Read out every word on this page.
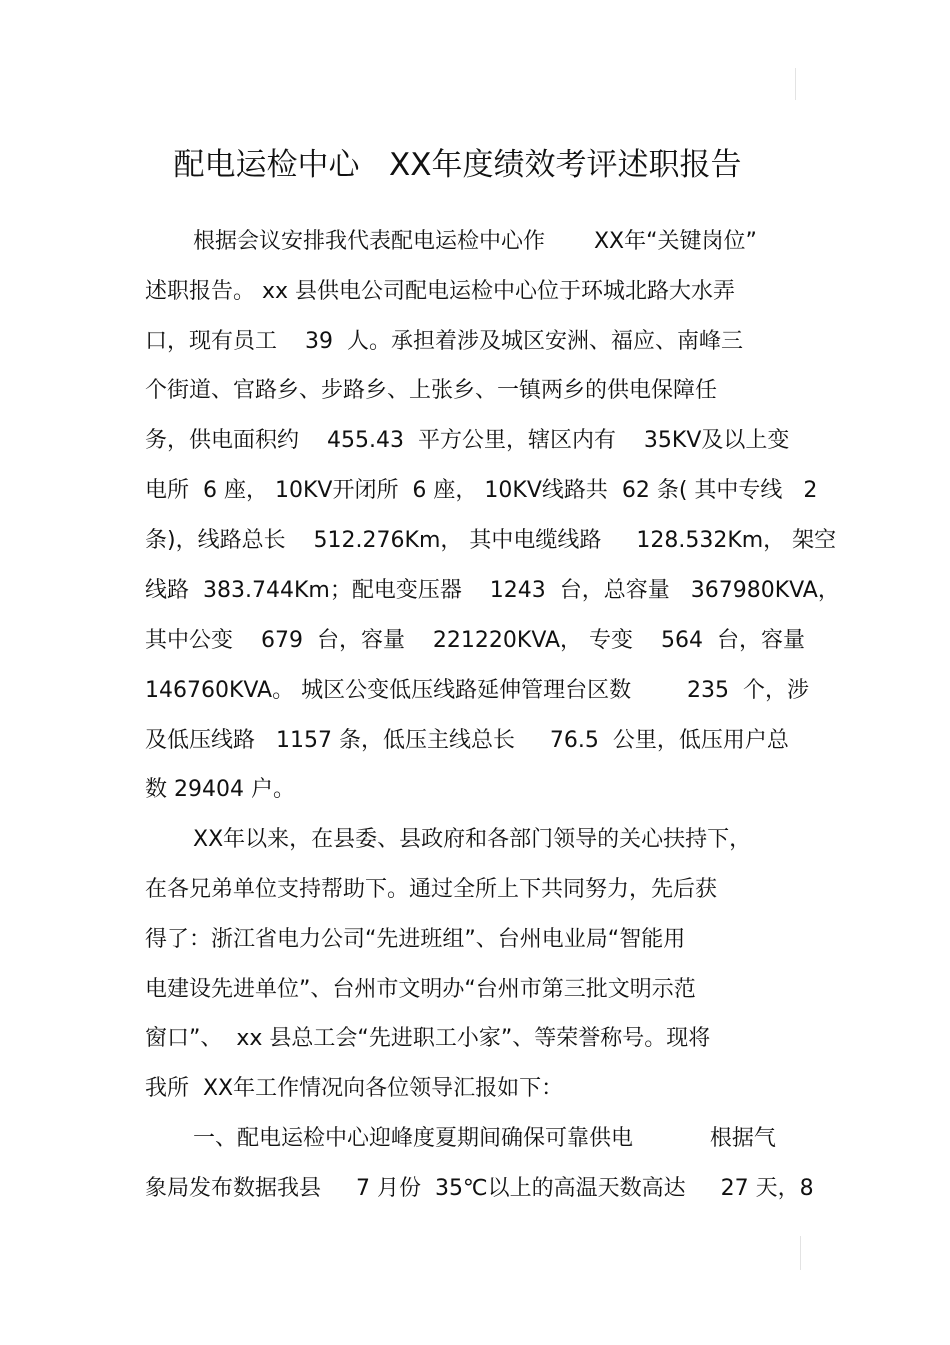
配电运检中心   XX年度绩效考评述职报告
根据会议安排我代表配电运检中心作       XX年“关键岗位”
述职报告。 xx 县供电公司配电运检中心位于环城北路大水弄
口，现有员工    39  人。承担着涉及城区安洲、福应、南峰三
个街道、官路乡、步路乡、上张乡、一镇两乡的供电保障任
务，供电面积约    455.43  平方公里，辖区内有    35KV及以上变
电所  6 座， 10KV开闭所  6 座， 10KV线路共  62 条( 其中专线   2
条)，线路总长    512.276Km， 其中电缆线路     128.532Km， 架空
线路  383.744Km；配电变压器    1243  台，总容量   367980KVA，
其中公变    679  台，容量    221220KVA， 专变    564  台，容量
146760KVA。 城区公变低压线路延伸管理台区数        235  个，涉
及低压线路   1157 条，低压主线总长     76.5  公里，低压用户总
数 29404 户。
XX年以来，在县委、县政府和各部门领导的关心扶持下，
在各兄弟单位支持帮助下。通过全所上下共同努力，先后获
得了：浙江省电力公司“先进班组”、台州电业局“智能用
电建设先进单位”、台州市文明办“台州市第三批文明示范
窗口”、  xx 县总工会“先进职工小家”、等荣誉称号。现将
我所  XX年工作情况向各位领导汇报如下：
一、配电运检中心迎峰度夏期间确保可靠供电           根据气
象局发布数据我县     7 月份  35℃以上的高温天数高达     27 天，8
